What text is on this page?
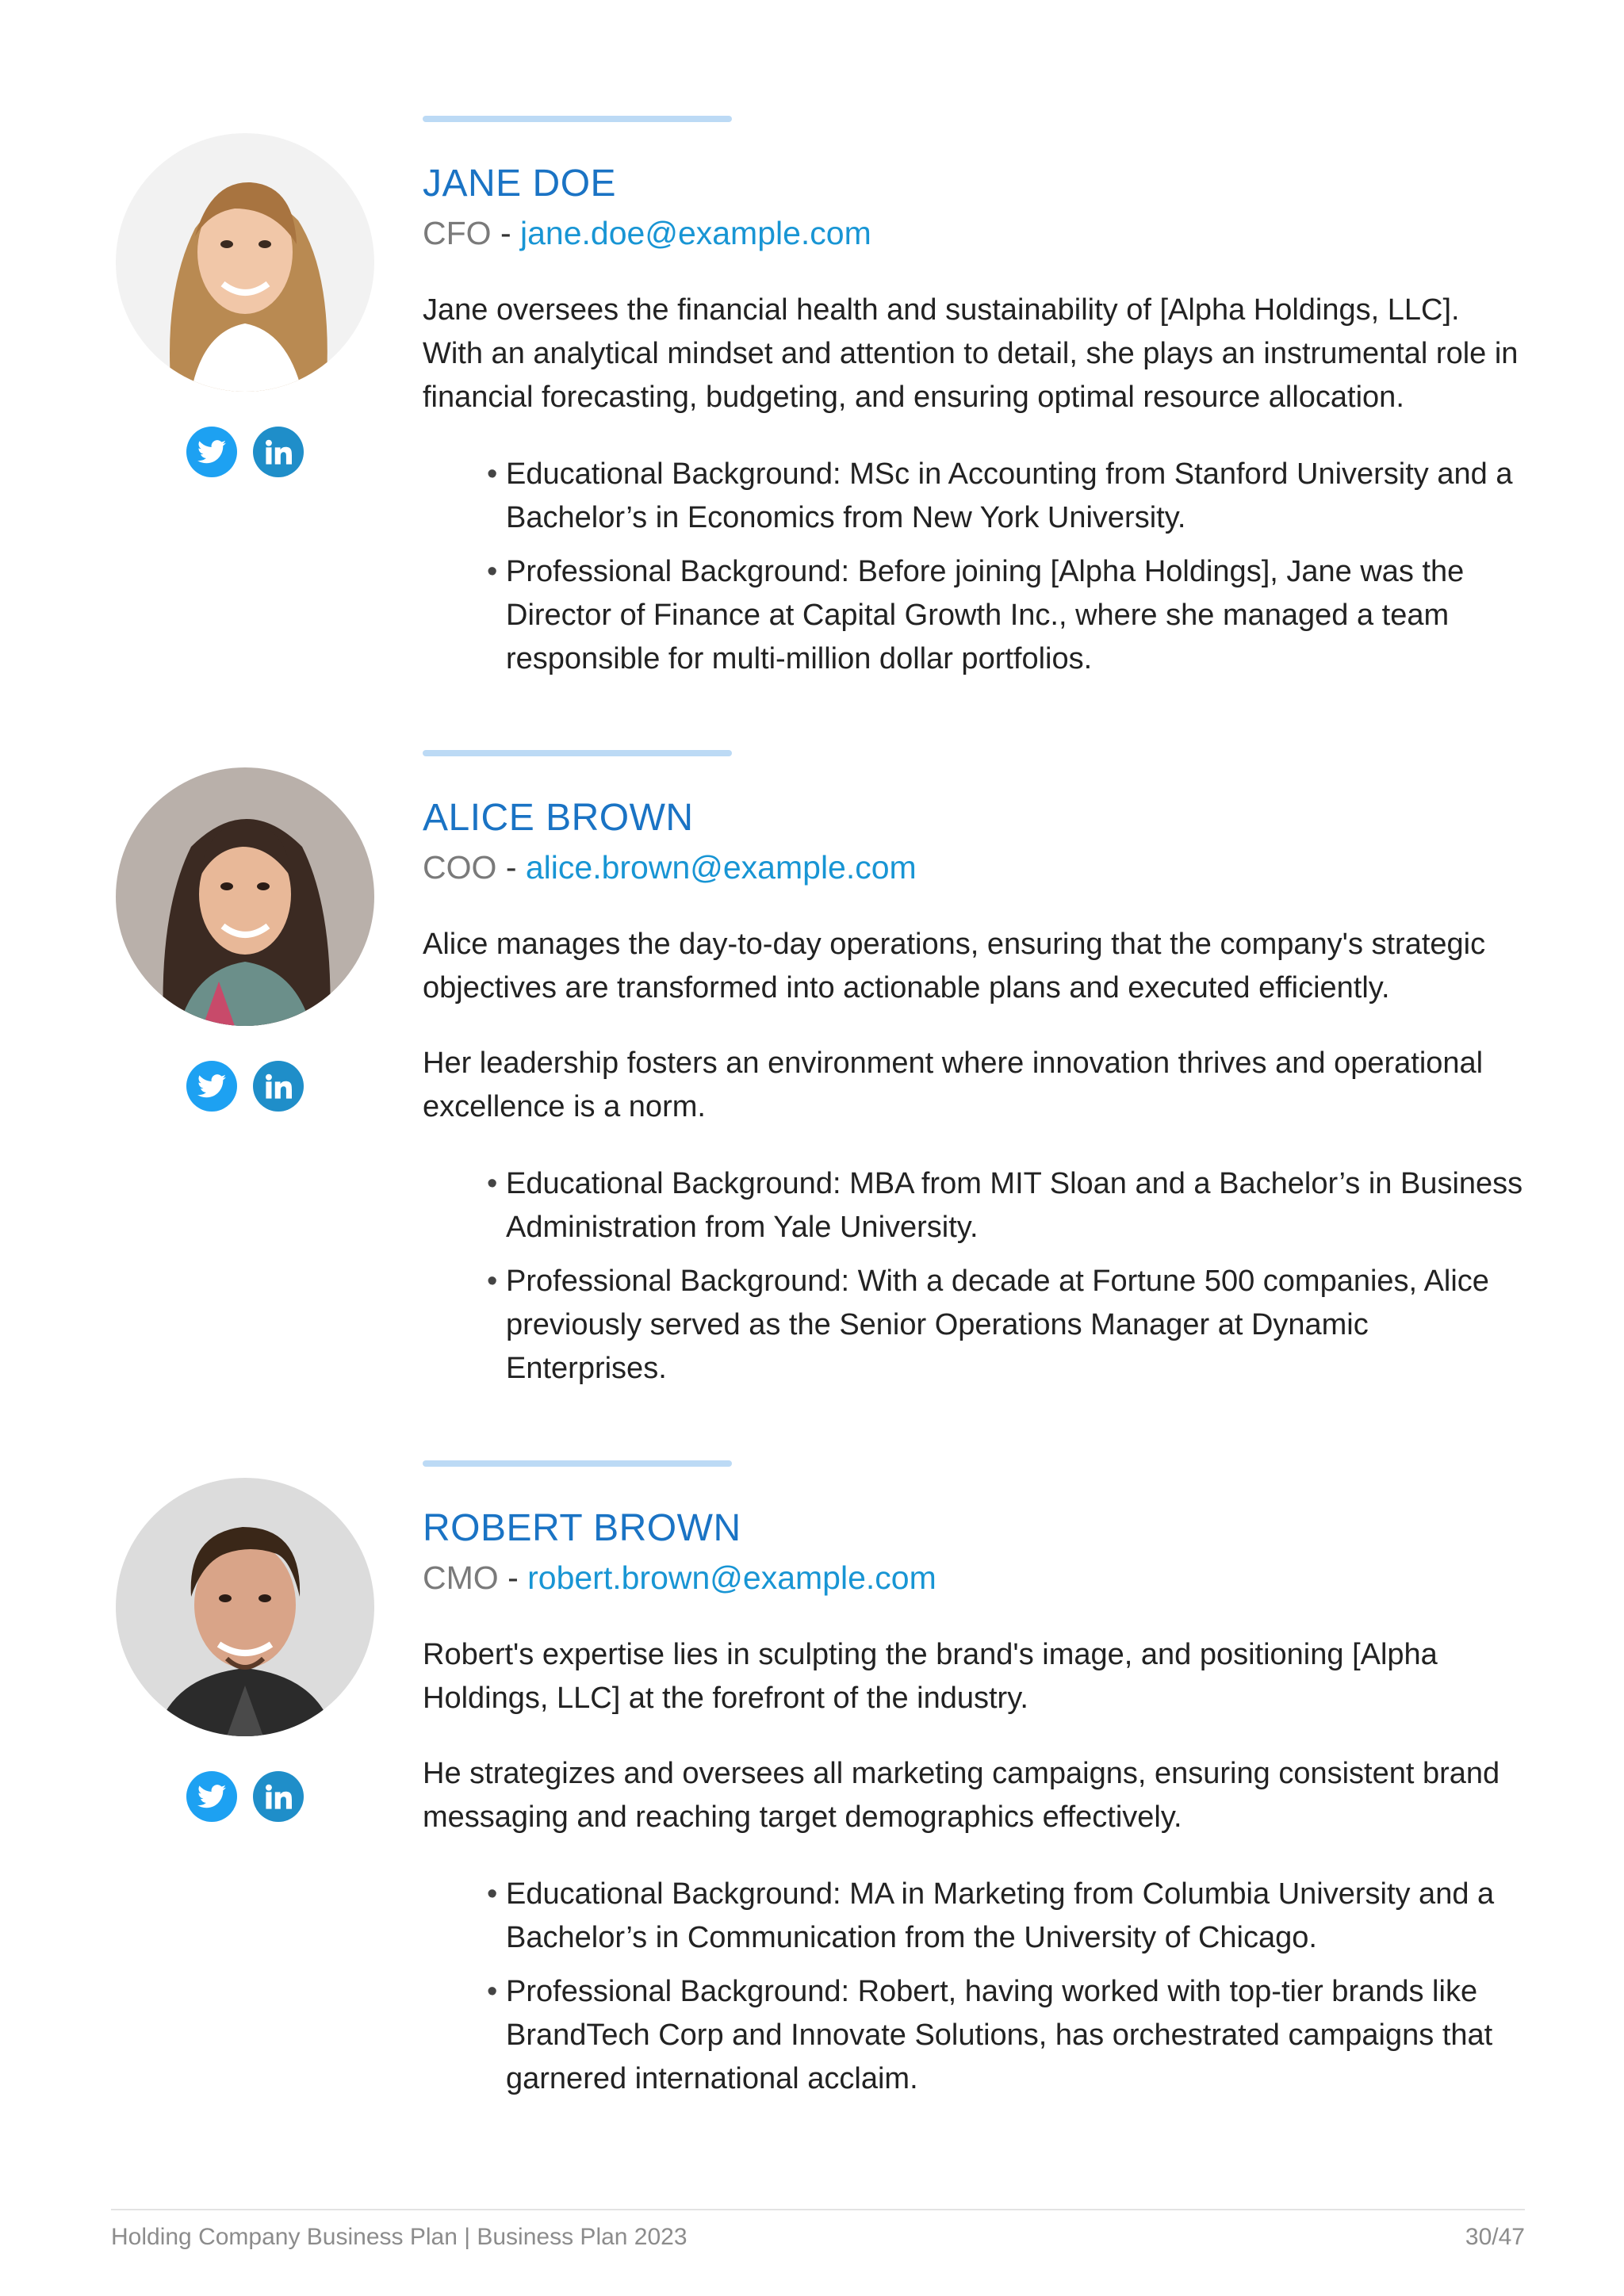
JANE DOE
CFO - jane.doe@example.com

Jane oversees the financial health and sustainability of [Alpha Holdings, LLC]. With an analytical mindset and attention to detail, she plays an instrumental role in financial forecasting, budgeting, and ensuring optimal resource allocation.

• Educational Background: MSc in Accounting from Stanford University and a Bachelor’s in Economics from New York University.
• Professional Background: Before joining [Alpha Holdings], Jane was the Director of Finance at Capital Growth Inc., where she managed a team responsible for multi-million dollar portfolios.
ALICE BROWN
COO - alice.brown@example.com

Alice manages the day-to-day operations, ensuring that the company's strategic objectives are transformed into actionable plans and executed efficiently.

Her leadership fosters an environment where innovation thrives and operational excellence is a norm.

• Educational Background: MBA from MIT Sloan and a Bachelor’s in Business Administration from Yale University.
• Professional Background: With a decade at Fortune 500 companies, Alice previously served as the Senior Operations Manager at Dynamic Enterprises.
ROBERT BROWN
CMO - robert.brown@example.com

Robert's expertise lies in sculpting the brand's image, and positioning [Alpha Holdings, LLC] at the forefront of the industry.

He strategizes and oversees all marketing campaigns, ensuring consistent brand messaging and reaching target demographics effectively.

• Educational Background: MA in Marketing from Columbia University and a Bachelor’s in Communication from the University of Chicago.
• Professional Background: Robert, having worked with top-tier brands like BrandTech Corp and Innovate Solutions, has orchestrated campaigns that garnered international acclaim.
Holding Company Business Plan | Business Plan 2023	30/47
